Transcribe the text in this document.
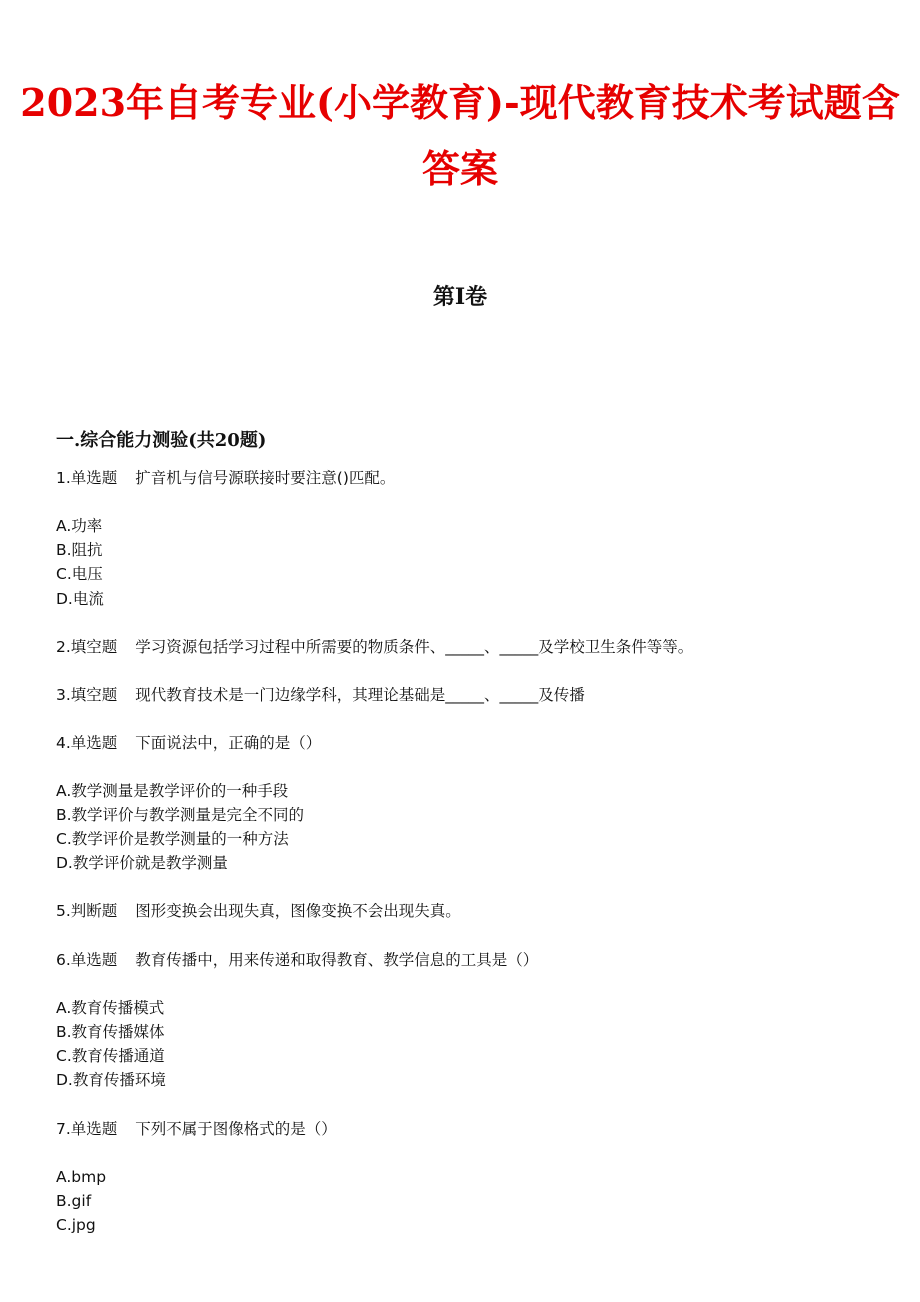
2023年自考专业(小学教育)-现代教育技术考试题含
答案
第I卷
一.综合能力测验(共20题)
1.单选题 扩音机与信号源联接时要注意()匹配。
A.功率
B.阻抗
C.电压
D.电流
2.填空题 学习资源包括学习过程中所需要的物质条件、_____、_____及学校卫生条件等等。
3.填空题 现代教育技术是一门边缘学科，其理论基础是_____、_____及传播
4.单选题 下面说法中，正确的是（）
A.教学测量是教学评价的一种手段
B.教学评价与教学测量是完全不同的
C.教学评价是教学测量的一种方法
D.教学评价就是教学测量
5.判断题 图形变换会出现失真，图像变换不会出现失真。
6.单选题 教育传播中，用来传递和取得教育、教学信息的工具是（）
A.教育传播模式
B.教育传播媒体
C.教育传播通道
D.教育传播环境
7.单选题 下列不属于图像格式的是（）
A.bmp
B.gif
C.jpg
